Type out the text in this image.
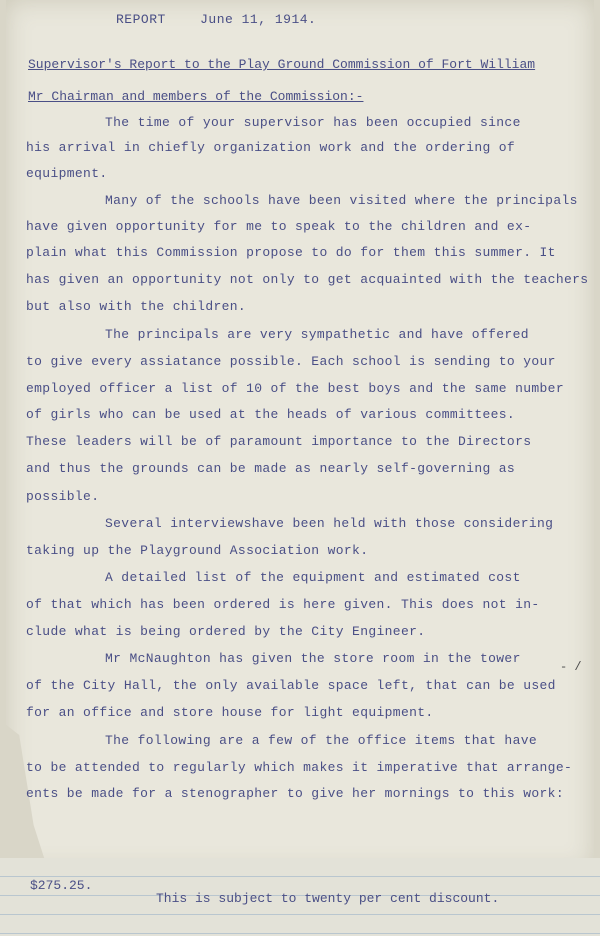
REPORT	June 11, 1914.
Supervisor's Report to the Play Ground Commission of Fort William
Mr Chairman and members of the Commission:-
The time of your supervisor has been occupied since
his arrival in chiefly organization work and the ordering of
equipment.
Many of the schools have been visited where the principals
have given opportunity for me to speak to the children and ex-
plain what this Commission propose to do for them this summer. It
has given an opportunity not only to get acquainted with the teachers
but also with the children.
The principals are very sympathetic and have offered
to give every assiatance possible. Each school is sending to your
employed officer a list of 10 of the best boys and the same number
of girls who can be used at the heads of various committees.
These leaders will be of paramount importance to the Directors
and thus the grounds can be made as nearly self-governing as
possible.
Several interviewshave been held with those considering
taking up the Playground Association work.
A detailed list of the equipment and estimated cost
of that which has been ordered is here given. This does not in-
clude what is being ordered by the City Engineer.
Mr McNaughton has given the store room in the tower
of the City Hall, the only available space left, that can be used
for an office and store house for light equipment.
The following are a few of the office items that have
to be attended to regularly which makes it imperative that arrange-
ents be made for a stenographer to give her mornings to this work:
$275.25.
This is subject to twenty per cent discount.
- /
